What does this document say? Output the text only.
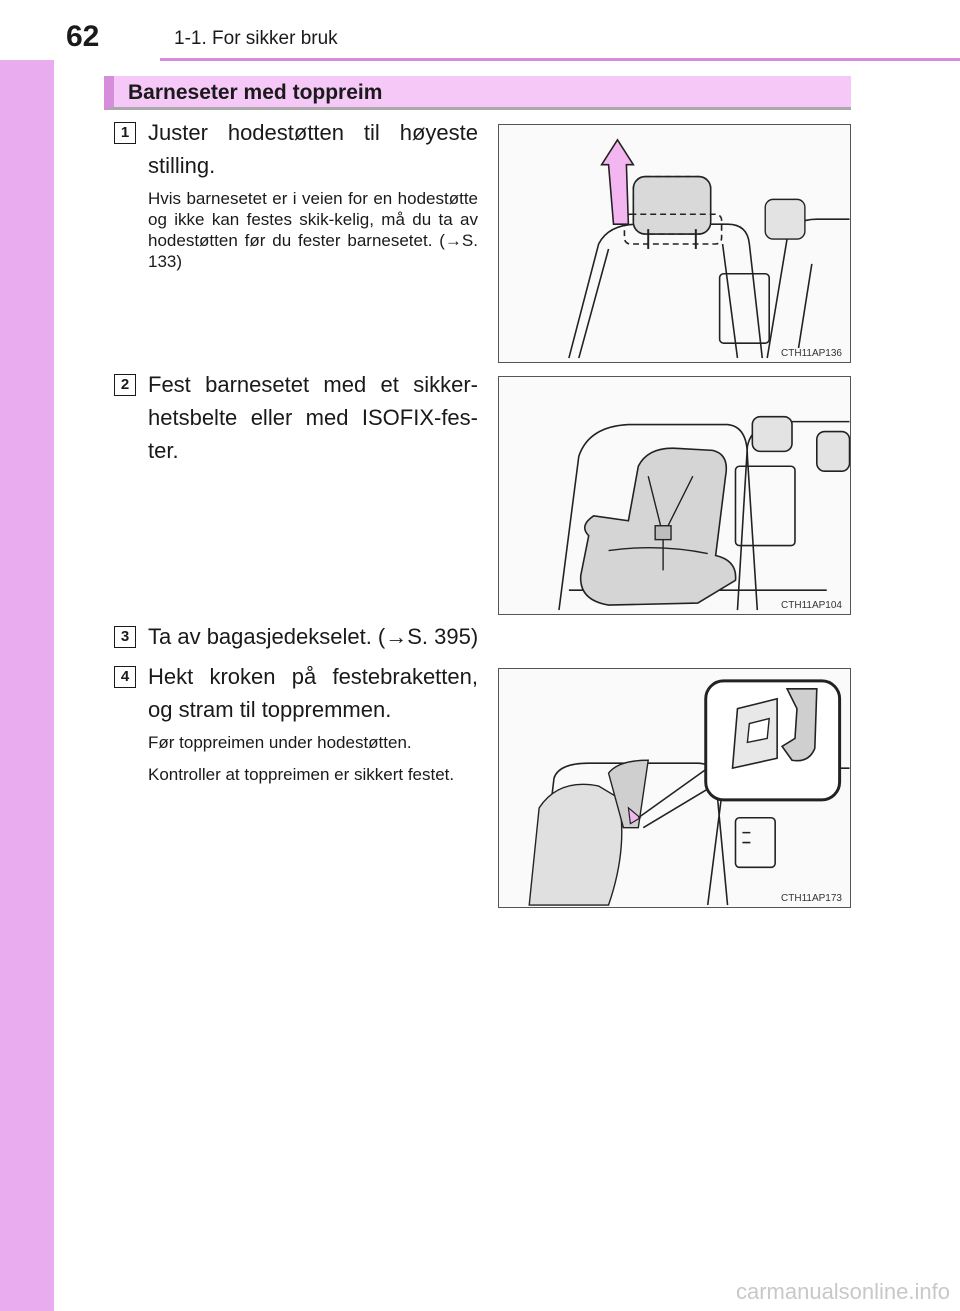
62	1-1. For sikker bruk
Barneseter med toppreim
1 Juster hodestøtten til høyeste stilling.
Hvis barnesetet er i veien for en hodestøtte og ikke kan festes skik-kelig, må du ta av hodestøtten før du fester barnesetet. (→S. 133)
CTH11AP136
2 Fest barnesetet med et sikker-hetsbelte eller med ISOFIX-fes-ter.
CTH11AP104
3 Ta av bagasjedekselet. (→S. 395)
4 Hekt kroken på festebraketten, og stram til toppremmen.
Før toppreimen under hodestøtten.
Kontroller at toppreimen er sikkert festet.
CTH11AP173
carmanualsonline.info
